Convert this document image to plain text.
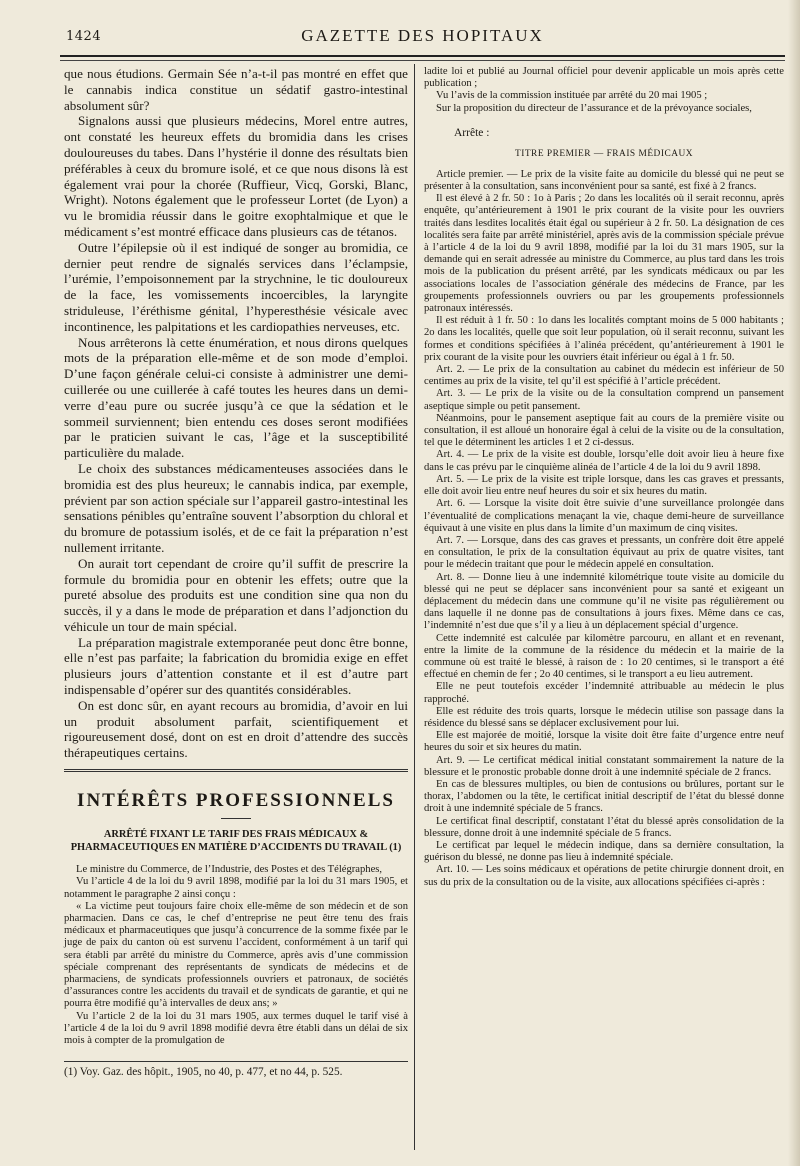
1424	GAZETTE DES HOPITAUX

que nous étudions. Germain Sée n’a-t-il pas montré en effet que le cannabis indica constitue un sédatif gastro-intestinal absolument sûr?

Signalons aussi que plusieurs médecins, Morel entre autres, ont constaté les heureux effets du bromidia dans les crises douloureuses du tabes. Dans l’hystérie il donne des résultats bien préférables à ceux du bromure isolé, et ce que nous disons là est également vrai pour la chorée (Ruffieur, Vicq, Gorski, Blanc, Wright). Notons également que le professeur Lortet (de Lyon) a vu le bromidia réussir dans le goitre exophtalmique et que le médicament s’est montré efficace dans plusieurs cas de tétanos.

Outre l’épilepsie où il est indiqué de songer au bromidia, ce dernier peut rendre de signalés services dans l’éclampsie, l’urémie, l’empoisonnement par la strychnine, le tic douloureux de la face, les vomissements incoercibles, la laryngite striduleuse, l’éréthisme génital, l’hyperesthésie vésicale avec incontinence, les palpitations et les cardiopathies nerveuses, etc.

Nous arrêterons là cette énumération, et nous dirons quelques mots de la préparation elle-même et de son mode d’emploi. D’une façon générale celui-ci consiste à administrer une demi-cuillerée ou une cuillerée à café toutes les heures dans un demi-verre d’eau pure ou sucrée jusqu’à ce que la sédation et le sommeil surviennent; bien entendu ces doses seront modifiées par le praticien suivant le cas, l’âge et la susceptibilité particulière du malade.

Le choix des substances médicamenteuses associées dans le bromidia est des plus heureux; le cannabis indica, par exemple, prévient par son action spéciale sur l’appareil gastro-intestinal les sensations pénibles qu’entraîne souvent l’absorption du chloral et du bromure de potassium isolés, et de ce fait la préparation n’est nullement irritante.

On aurait tort cependant de croire qu’il suffit de prescrire la formule du bromidia pour en obtenir les effets; outre que la pureté absolue des produits est une condition sine qua non du succès, il y a dans le mode de préparation et dans l’adjonction du véhicule un tour de main spécial.

La préparation magistrale extemporanée peut donc être bonne, elle n’est pas parfaite; la fabrication du bromidia exige en effet plusieurs jours d’attention constante et il est d’autre part indispensable d’opérer sur des quantités considérables.

On est donc sûr, en ayant recours au bromidia, d’avoir en lui un produit absolument parfait, scientifiquement et rigoureusement dosé, dont on est en droit d’attendre des succès thérapeutiques certains.

INTÉRÊTS PROFESSIONNELS
ARRÊTÉ FIXANT LE TARIF DES FRAIS MÉDICAUX & PHARMACEUTIQUES EN MATIÈRE D’ACCIDENTS DU TRAVAIL (1)

Le ministre du Commerce, de l’Industrie, des Postes et des Télégraphes,

Vu l’article 4 de la loi du 9 avril 1898, modifié par la loi du 31 mars 1905, et notamment le paragraphe 2 ainsi conçu :

« La victime peut toujours faire choix elle-même de son médecin et de son pharmacien. Dans ce cas, le chef d’entreprise ne peut être tenu des frais médicaux et pharmaceutiques que jusqu’à concurrence de la somme fixée par le juge de paix du canton où est survenu l’accident, conformément à un tarif qui sera établi par arrêté du ministre du Commerce, après avis d’une commission spéciale comprenant des représentants de syndicats de médecins et de pharmaciens, de syndicats professionnels ouvriers et patronaux, de sociétés d’assurances contre les accidents du travail et de syndicats de garantie, et qui ne pourra être modifié qu’à intervalles de deux ans; »

Vu l’article 2 de la loi du 31 mars 1905, aux termes duquel le tarif visé à l’article 4 de la loi du 9 avril 1898 modifié devra être établi dans un délai de six mois à compter de la promulgation de

(1) Voy. Gaz. des hôpit., 1905, no 40, p. 477, et no 44, p. 525.

ladite loi et publié au Journal officiel pour devenir applicable un mois après cette publication ;

Vu l’avis de la commission instituée par arrêté du 20 mai 1905 ;

Sur la proposition du directeur de l’assurance et de la prévoyance sociales,

Arrête :

TITRE PREMIER — FRAIS MÉDICAUX

Article premier. — Le prix de la visite faite au domicile du blessé qui ne peut se présenter à la consultation, sans inconvénient pour sa santé, est fixé à 2 francs.

Il est élevé à 2 fr. 50 : 1o à Paris ; 2o dans les localités où il serait reconnu, après enquête, qu’antérieurement à 1901 le prix courant de la visite pour les ouvriers traités dans lesdites localités était égal ou supérieur à 2 fr. 50. La désignation de ces localités sera faite par arrêté ministériel, après avis de la commission spéciale prévue à l’article 4 de la loi du 9 avril 1898, modifié par la loi du 31 mars 1905, sur la demande qui en serait adressée au ministre du Commerce, au plus tard dans les trois mois de la publication du présent arrêté, par les syndicats médicaux ou par les associations locales de l’association générale des médecins de France, par les groupements professionnels ouvriers ou par les groupements professionnels patronaux intéressés.

Il est réduit à 1 fr. 50 : 1o dans les localités comptant moins de 5 000 habitants ; 2o dans les localités, quelle que soit leur population, où il serait reconnu, suivant les formes et conditions spécifiées à l’alinéa précédent, qu’antérieurement à 1901 le prix courant de la visite pour les ouvriers était inférieur ou égal à 1 fr. 50.

Art. 2. — Le prix de la consultation au cabinet du médecin est inférieur de 50 centimes au prix de la visite, tel qu’il est spécifié à l’article précédent.

Art. 3. — Le prix de la visite ou de la consultation comprend un pansement aseptique simple ou petit pansement.

Néanmoins, pour le pansement aseptique fait au cours de la première visite ou consultation, il est alloué un honoraire égal à celui de la visite ou de la consultation, tel que le déterminent les articles 1 et 2 ci-dessus.

Art. 4. — Le prix de la visite est double, lorsqu’elle doit avoir lieu à heure fixe dans le cas prévu par le cinquième alinéa de l’article 4 de la loi du 9 avril 1898.

Art. 5. — Le prix de la visite est triple lorsque, dans les cas graves et pressants, elle doit avoir lieu entre neuf heures du soir et six heures du matin.

Art. 6. — Lorsque la visite doit être suivie d’une surveillance prolongée dans l’éventualité de complications menaçant la vie, chaque demi-heure de surveillance équivaut à une visite en plus dans la limite d’un maximum de cinq visites.

Art. 7. — Lorsque, dans des cas graves et pressants, un confrère doit être appelé en consultation, le prix de la consultation équivaut au prix de quatre visites, tant pour le médecin traitant que pour le médecin appelé en consultation.

Art. 8. — Donne lieu à une indemnité kilométrique toute visite au domicile du blessé qui ne peut se déplacer sans inconvénient pour sa santé et exigeant un déplacement du médecin dans une commune qu’il ne visite pas régulièrement ou dans laquelle il ne donne pas de consultations à jours fixes. Même dans ce cas, l’indemnité n’est due que s’il y a lieu à un déplacement spécial d’urgence.

Cette indemnité est calculée par kilomètre parcouru, en allant et en revenant, entre la limite de la commune de la résidence du médecin et la mairie de la commune où est traité le blessé, à raison de : 1o 20 centimes, si le transport a été effectué en chemin de fer ; 2o 40 centimes, si le transport a eu lieu autrement.

Elle ne peut toutefois excéder l’indemnité attribuable au médecin le plus rapproché.

Elle est réduite des trois quarts, lorsque le médecin utilise son passage dans la résidence du blessé sans se déplacer exclusivement pour lui.

Elle est majorée de moitié, lorsque la visite doit être faite d’urgence entre neuf heures du soir et six heures du matin.

Art. 9. — Le certificat médical initial constatant sommairement la nature de la blessure et le pronostic probable donne droit à une indemnité spéciale de 2 francs.

En cas de blessures multiples, ou bien de contusions ou brûlures, portant sur le thorax, l’abdomen ou la tête, le certificat initial descriptif de l’état du blessé donne droit à une indemnité spéciale de 5 francs.

Le certificat final descriptif, constatant l’état du blessé après consolidation de la blessure, donne droit à une indemnité spéciale de 5 francs.

Le certificat par lequel le médecin indique, dans sa dernière consultation, la guérison du blessé, ne donne pas lieu à indemnité spéciale.

Art. 10. — Les soins médicaux et opérations de petite chirurgie donnent droit, en sus du prix de la consultation ou de la visite, aux allocations spécifiées ci-après :
